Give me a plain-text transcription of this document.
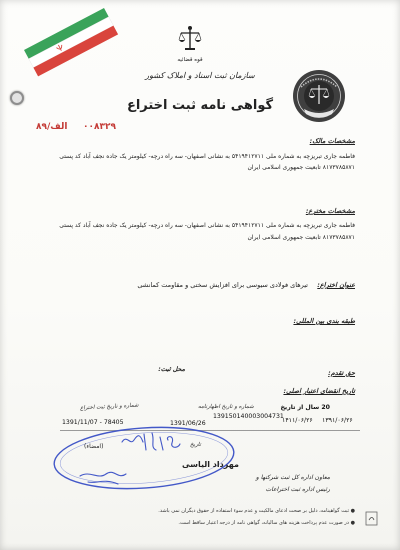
قوه قضائیه
سازمان ثبت اسناد و املاک کشور
گواهی نامه ثبت اختراع
الف/۸۹ ۰۰۸۳۲۹
مشخصات مالک:
فاطمه جاری تبریزچه به شماره ملی ۵۴۱۹۴۱۲۷۱۱ به نشانی اصفهان- سه راه درچه- کیلومتر یک جاده نجف آباد کد پستی
۸۱۷۳۷۸۵۸۷۱ تابعیت جمهوری اسلامی ایران
مشخصات مخترع:
فاطمه جاری تبریزچه به شماره ملی ۵۴۱۹۴۱۲۷۱۱ به نشانی اصفهان- سه راه درچه- کیلومتر یک جاده نجف آباد کد پستی
۸۱۷۳۷۸۵۸۷۱ تابعیت جمهوری اسلامی ایران
عنوان اختراع:
تیرهای فولادی سیوسی برای افزایش سختی و مقاومت کمانشی
طبقه بندی بین المللی:
حق تقدم:
محل ثبت:
تاریخ انقضای اعتبار اصلی:
شماره و تاریخ ثبت اختراع
1391/11/07 - 78405
شماره و تاریخ اظهارنامه
1391/06/26
139150140003004731
20 سال از تاریخ
۱۴۱۱/۰۶/۲۶ ۱۳۹۱/۰۶/۲۶
(امضاء)	تاریخ
مهرداد الیاسی
معاون اداره کل ثبت شرکتها و
رئیس اداره ثبت اختراعات
● ثبت گواهینامه، دلیل بر صحت ادعای مالکیت و عدم سوء استفاده از حقوق دیگران نمی باشد.
● در صورت عدم پرداخت هزینه های سالیانه، گواهی نامه از درجه اعتبار ساقط است.
